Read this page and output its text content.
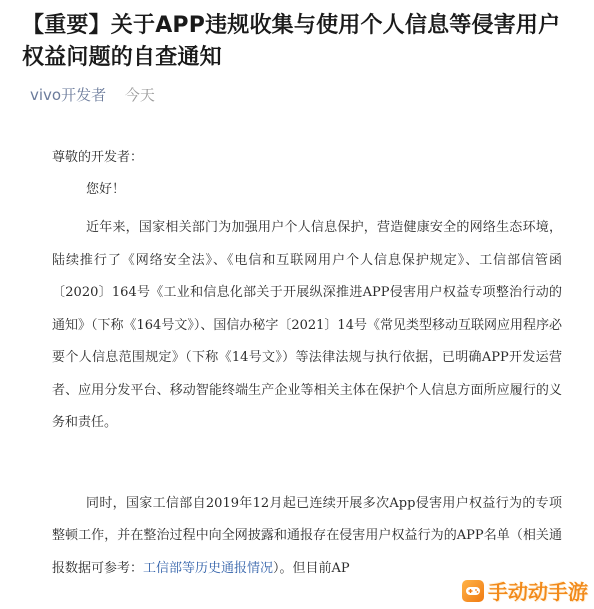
【重要】关于APP违规收集与使用个人信息等侵害用户权益问题的自查通知
vivo开发者 今天

尊敬的开发者：

您好！

近年来，国家相关部门为加强用户个人信息保护，营造健康安全的网络生态环境，陆续推行了《网络安全法》、《电信和互联网用户个人信息保护规定》、工信部信管函〔2020〕164号《工业和信息化部关于开展纵深推进APP侵害用户权益专项整治行动的通知》（下称《164号文》）、国信办秘字〔2021〕14号《常见类型移动互联网应用程序必要个人信息范围规定》（下称《14号文》）等法律法规与执行依据，已明确APP开发运营者、应用分发平台、移动智能终端生产企业等相关主体在保护个人信息方面所应履行的义务和责任。

同时，国家工信部自2019年12月起已连续开展多次App侵害用户权益行为的专项整顿工作，并在整治过程中向全网披露和通报存在侵害用户权益行为的APP名单（相关通报数据可参考：工信部等历史通报情况）。但目前AP

手动动手游
